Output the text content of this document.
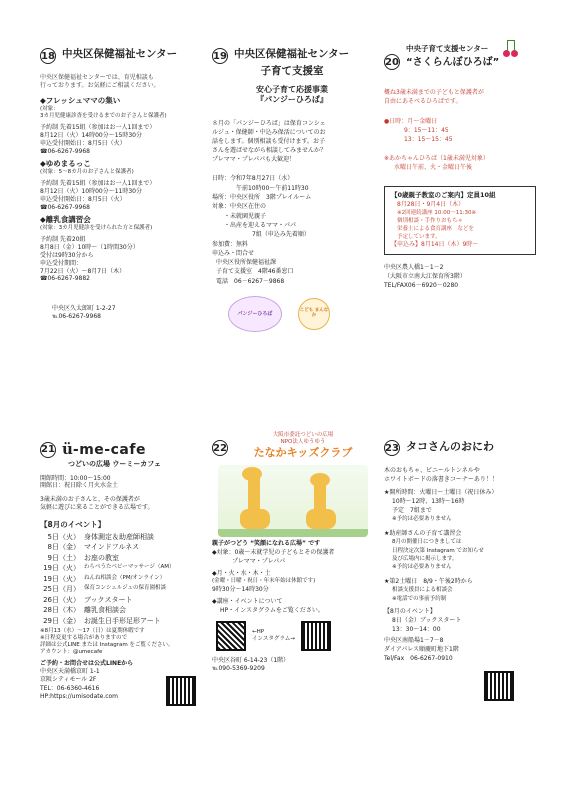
18 中央区保健福祉センター
中央区保健福祉センターでは、育児相談も
行っております。お気軽にご相談ください。
◆フレッシュママの集い
(対象：
3カ月児健康診査を受けるまでのお子さんと保護者)
予約制 先着15組（参加はお一人1回まで）
8月12日（火）14時00分～15時30分
申込受付開始日：8月5日（火）
☎06-6267-9968
◆ゆめまるっこ
(対象：5～8カ月のお子さんと保護者)
予約制 先着15組（参加はお一人1回まで）
8月12日（火）10時00分～11時30分
申込受付開始日：8月5日（火）
☎06-6267-9968
◆離乳食講習会
(対象：3カ月児健診を受けられた方と保護者)
予約制 先着20組
8月8日（金）10時～（1時間30分）
受付は9時30分から
申込受付期間：
7月22日（火）～8月7日（木）
☎06-6267-9882
中央区久太郎町 1-2-27
℡06-6267-9968
19 中央区保健福祉センター
子育て支援室
安心子育て応援事業
『パンジーひろば』
８月の「パンジーひろば」は保育コンシェ
ルジュ・保健師・中込み保活についてのお
話をします。個別相談も受付けます。お子
さんを遊ばせながら相談してみませんか？
プレママ・プレパパも大歓迎！
日時：令和7年8月27日（水）
午前10時00～午前11時30
場所：中央区役所　3階プレイルーム
対象：中央区在住の
・未就園児親子
・出産を迎えるママ・パパ
7組（申込み先着順）
参加費：無料
申込み・問合せ
中央区役所保健福祉課
子育て支援室　4階46番窓口
電話　06－6267－9868
パンジーひろば
こども まんなか
20
中央子育て支援センター
“さくらんぼひろば”
概ね3歳未満までの子どもと保護者が
自由にあそべるひろばです。
●日時：月～金曜日
9：15～11：45
13：15～15：45
※あかちゃんひろば（1歳未満児対象）
水曜日午前、火・金曜日午後
【0歳親子教室のご案内】定員10組
8月28日・9月4日（木）
※2回連続講座 10:00～11:30※
個別相談・手作りおもちゃ
栄養士による食育講座　などを
予定しています。
【申込み】8月14日（木）9時～
中央区農人橋1－1－2
（大阪市立南大江保育所3階）
TEL/FAX06－6920－0280
21 ü -me-cafe
つどいの広場 ウーミーカフェ
開館時間：10:00～15:00
開館日：祝日除く月火水金土
3歳未満のお子さんと、その保護者が
気軽に遊びに来ることができる広場です。
【8月のイベント】
5日（火） 身体測定＆助産師相談
8日（金） マインドフルネス
9日（土） お座の教室
19日（火） わらべうたベビーマッサージ（AM）
19日（火） ねんね相談会（PM/オンライン）
25日（月） 保育コンシェルジュの保育園相談
26日（火） ブックスタート
28日（木） 離乳食相談会
29日（金） お誕生日手形足形アート
※8月13（水）～17（日）は夏期休暇です
※日程変更する場合がありますので
詳細は公式LINE または Instagram をご覧ください。
アカウント：@umecafe
ご予約・お問合せは公式LINEから
中央区天満橋京町 1-1
京阪シティモール 2F
TEL：06-6360-4616
HP:https://umisodate.com
22
大阪市委託つどいの広場
NPO法人ゆうゆう
たなかキッズクラブ
親子がつどう “笑顔になれる広場” です
◆対象：0歳～未就学児の子どもとその保護者
プレママ・プレパパ
◆月・火・水・木・土
(金曜・日曜・祝日・年末年始は休館です)
9時30分～14時30分
◆講座・イベントについて
HP・インスタグラムをご覧ください。
←HP
インスタグラム→
中央区谷町 6-14-23（1階）
℡090-5369-9209
23 タコさんのおにわ
木のおもちゃ、ビニールトンネルや
ホワイトボードの落書きコーナーあり！！
★開所時間：火曜日～土曜日（祝日休み）
10時～12時、13時～16時
予定　7組まで
※予約は必要ありません
★助産師さんの子育て講習会
8月の開催日につきましては
日程決定次第 Instagram でお知らせ
及び広場内に掲示します。
※予約は必要ありません
★第2土曜日　8/9・午後2時から
相談支援員による相談会
※電話での事前予約制
【8月のイベント】
8日（金）ブックスタート
13：30～14：00
中央区南船場1－7－8
ダイアパレス順慶町地下1階
Tel/Fax　06-6267-0910
